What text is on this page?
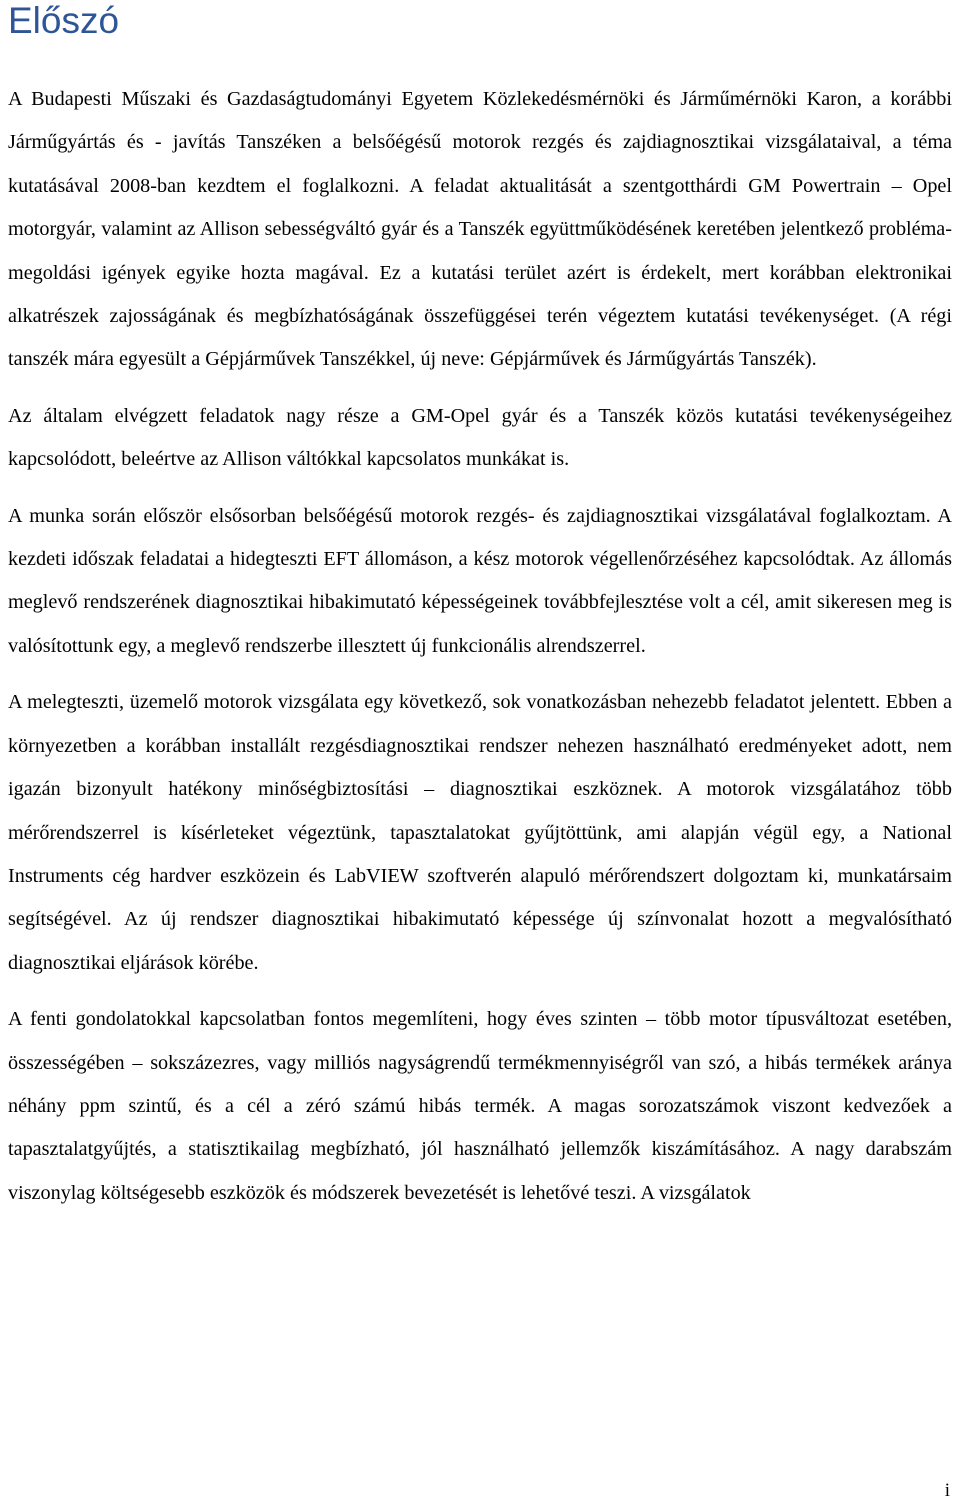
Előszó

A Budapesti Műszaki és Gazdaságtudományi Egyetem Közlekedésmérnöki és Járműmérnöki Karon, a korábbi Járműgyártás és - javítás Tanszéken a belsőégésű motorok rezgés és zajdiagnosztikai vizsgálataival, a téma kutatásával 2008-ban kezdtem el foglalkozni. A feladat aktualitását a szentgotthárdi GM Powertrain – Opel motorgyár, valamint az Allison sebességváltó gyár és a Tanszék együttműködésének keretében jelentkező probléma-megoldási igények egyike hozta magával. Ez a kutatási terület azért is érdekelt, mert korábban elektronikai alkatrészek zajosságának és megbízhatóságának összefüggései terén végeztem kutatási tevékenységet. (A régi tanszék mára egyesült a Gépjárművek Tanszékkel, új neve: Gépjárművek és Járműgyártás Tanszék).

Az általam elvégzett feladatok nagy része a GM-Opel gyár és a Tanszék közös kutatási tevékenységeihez kapcsolódott, beleértve az Allison váltókkal kapcsolatos munkákat is.

A munka során először elsősorban belsőégésű motorok rezgés- és zajdiagnosztikai vizsgálatával foglalkoztam. A kezdeti időszak feladatai a hidegteszti EFT állomáson, a kész motorok végellenőrzéséhez kapcsolódtak. Az állomás meglevő rendszerének diagnosztikai hibakimutató képességeinek továbbfejlesztése volt a cél, amit sikeresen meg is valósítottunk egy, a meglevő rendszerbe illesztett új funkcionális alrendszerrel.

A melegteszti, üzemelő motorok vizsgálata egy következő, sok vonatkozásban nehezebb feladatot jelentett. Ebben a környezetben a korábban installált rezgésdiagnosztikai rendszer nehezen használható eredményeket adott, nem igazán bizonyult hatékony minőségbiztosítási – diagnosztikai eszköznek. A motorok vizsgálatához több mérőrendszerrel is kísérleteket végeztünk, tapasztalatokat gyűjtöttünk, ami alapján végül egy, a National Instruments cég hardver eszközein és LabVIEW szoftverén alapuló mérőrendszert dolgoztam ki, munkatársaim segítségével. Az új rendszer diagnosztikai hibakimutató képessége új színvonalat hozott a megvalósítható diagnosztikai eljárások körébe.

A fenti gondolatokkal kapcsolatban fontos megemlíteni, hogy éves szinten – több motor típusváltozat esetében, összességében – sokszázezres, vagy milliós nagyságrendű termékmennyiségről van szó, a hibás termékek aránya néhány ppm szintű, és a cél a zéró számú hibás termék. A magas sorozatszámok viszont kedvezőek a tapasztalatgyűjtés, a statisztikailag megbízható, jól használható jellemzők kiszámításához. A nagy darabszám viszonylag költségesebb eszközök és módszerek bevezetését is lehetővé teszi. A vizsgálatok

i
